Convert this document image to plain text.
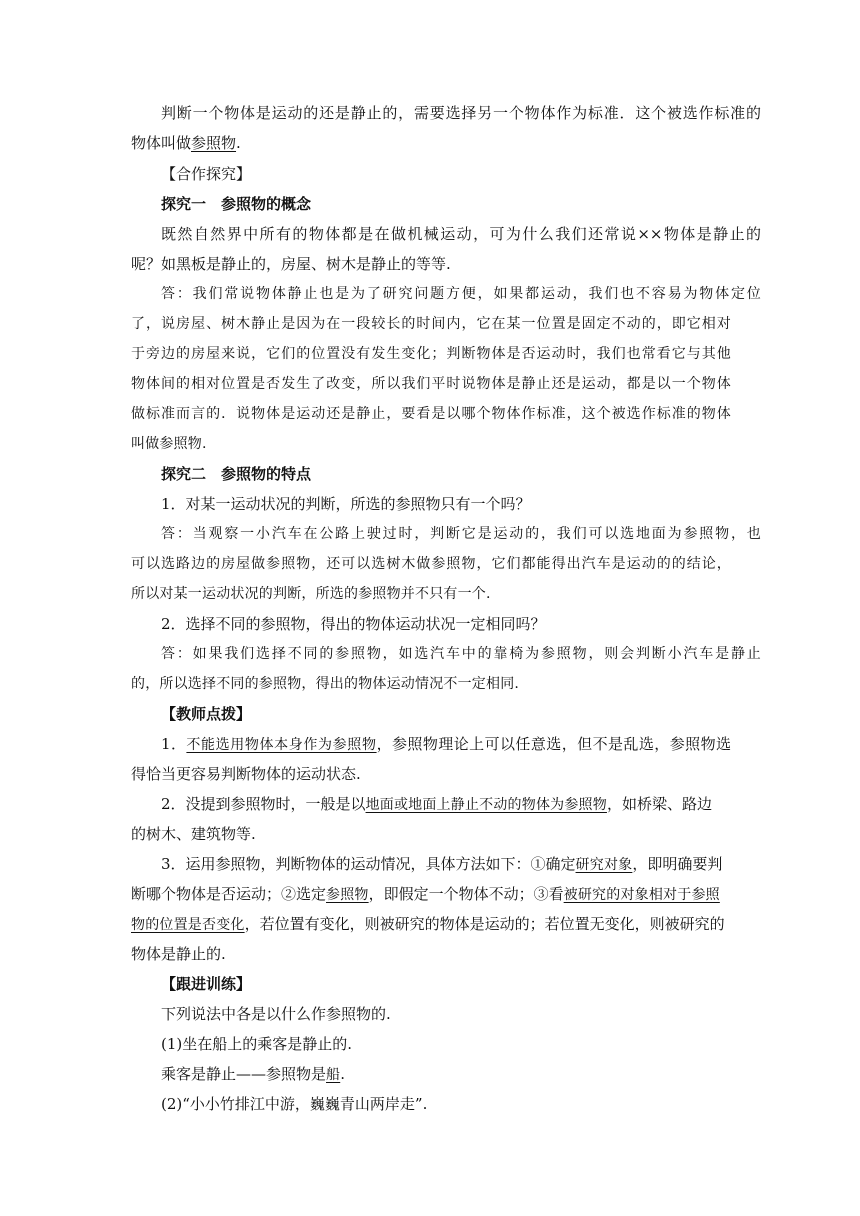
判断一个物体是运动的还是静止的，需要选择另一个物体作为标准．这个被选作标准的
物体叫做参照物.
【合作探究】
探究一　参照物的概念
既然自然界中所有的物体都是在做机械运动，可为什么我们还常说××物体是静止的
呢？如黑板是静止的，房屋、树木是静止的等等.
答：我们常说物体静止也是为了研究问题方便，如果都运动，我们也不容易为物体定位
了，说房屋、树木静止是因为在一段较长的时间内，它在某一位置是固定不动的，即它相对
于旁边的房屋来说，它们的位置没有发生变化；判断物体是否运动时，我们也常看它与其他
物体间的相对位置是否发生了改变，所以我们平时说物体是静止还是运动，都是以一个物体
做标准而言的．说物体是运动还是静止，要看是以哪个物体作标准，这个被选作标准的物体
叫做参照物.
探究二　参照物的特点
1．对某一运动状况的判断，所选的参照物只有一个吗？
答：当观察一小汽车在公路上驶过时，判断它是运动的，我们可以选地面为参照物，也
可以选路边的房屋做参照物，还可以选树木做参照物，它们都能得出汽车是运动的的结论，
所以对某一运动状况的判断，所选的参照物并不只有一个.
2．选择不同的参照物，得出的物体运动状况一定相同吗？
答：如果我们选择不同的参照物，如选汽车中的靠椅为参照物，则会判断小汽车是静止
的，所以选择不同的参照物，得出的物体运动情况不一定相同.
【教师点拨】
1．不能选用物体本身作为参照物，参照物理论上可以任意选，但不是乱选，参照物选
得恰当更容易判断物体的运动状态.
2．没提到参照物时，一般是以地面或地面上静止不动的物体为参照物，如桥梁、路边
的树木、建筑物等.
3．运用参照物，判断物体的运动情况，具体方法如下：①确定研究对象，即明确要判
断哪个物体是否运动；②选定参照物，即假定一个物体不动；③看被研究的对象相对于参照
物的位置是否变化，若位置有变化，则被研究的物体是运动的；若位置无变化，则被研究的
物体是静止的.
【跟进训练】
下列说法中各是以什么作参照物的.
(1)坐在船上的乘客是静止的.
乘客是静止——参照物是船.
(2)“小小竹排江中游，巍巍青山两岸走”.
